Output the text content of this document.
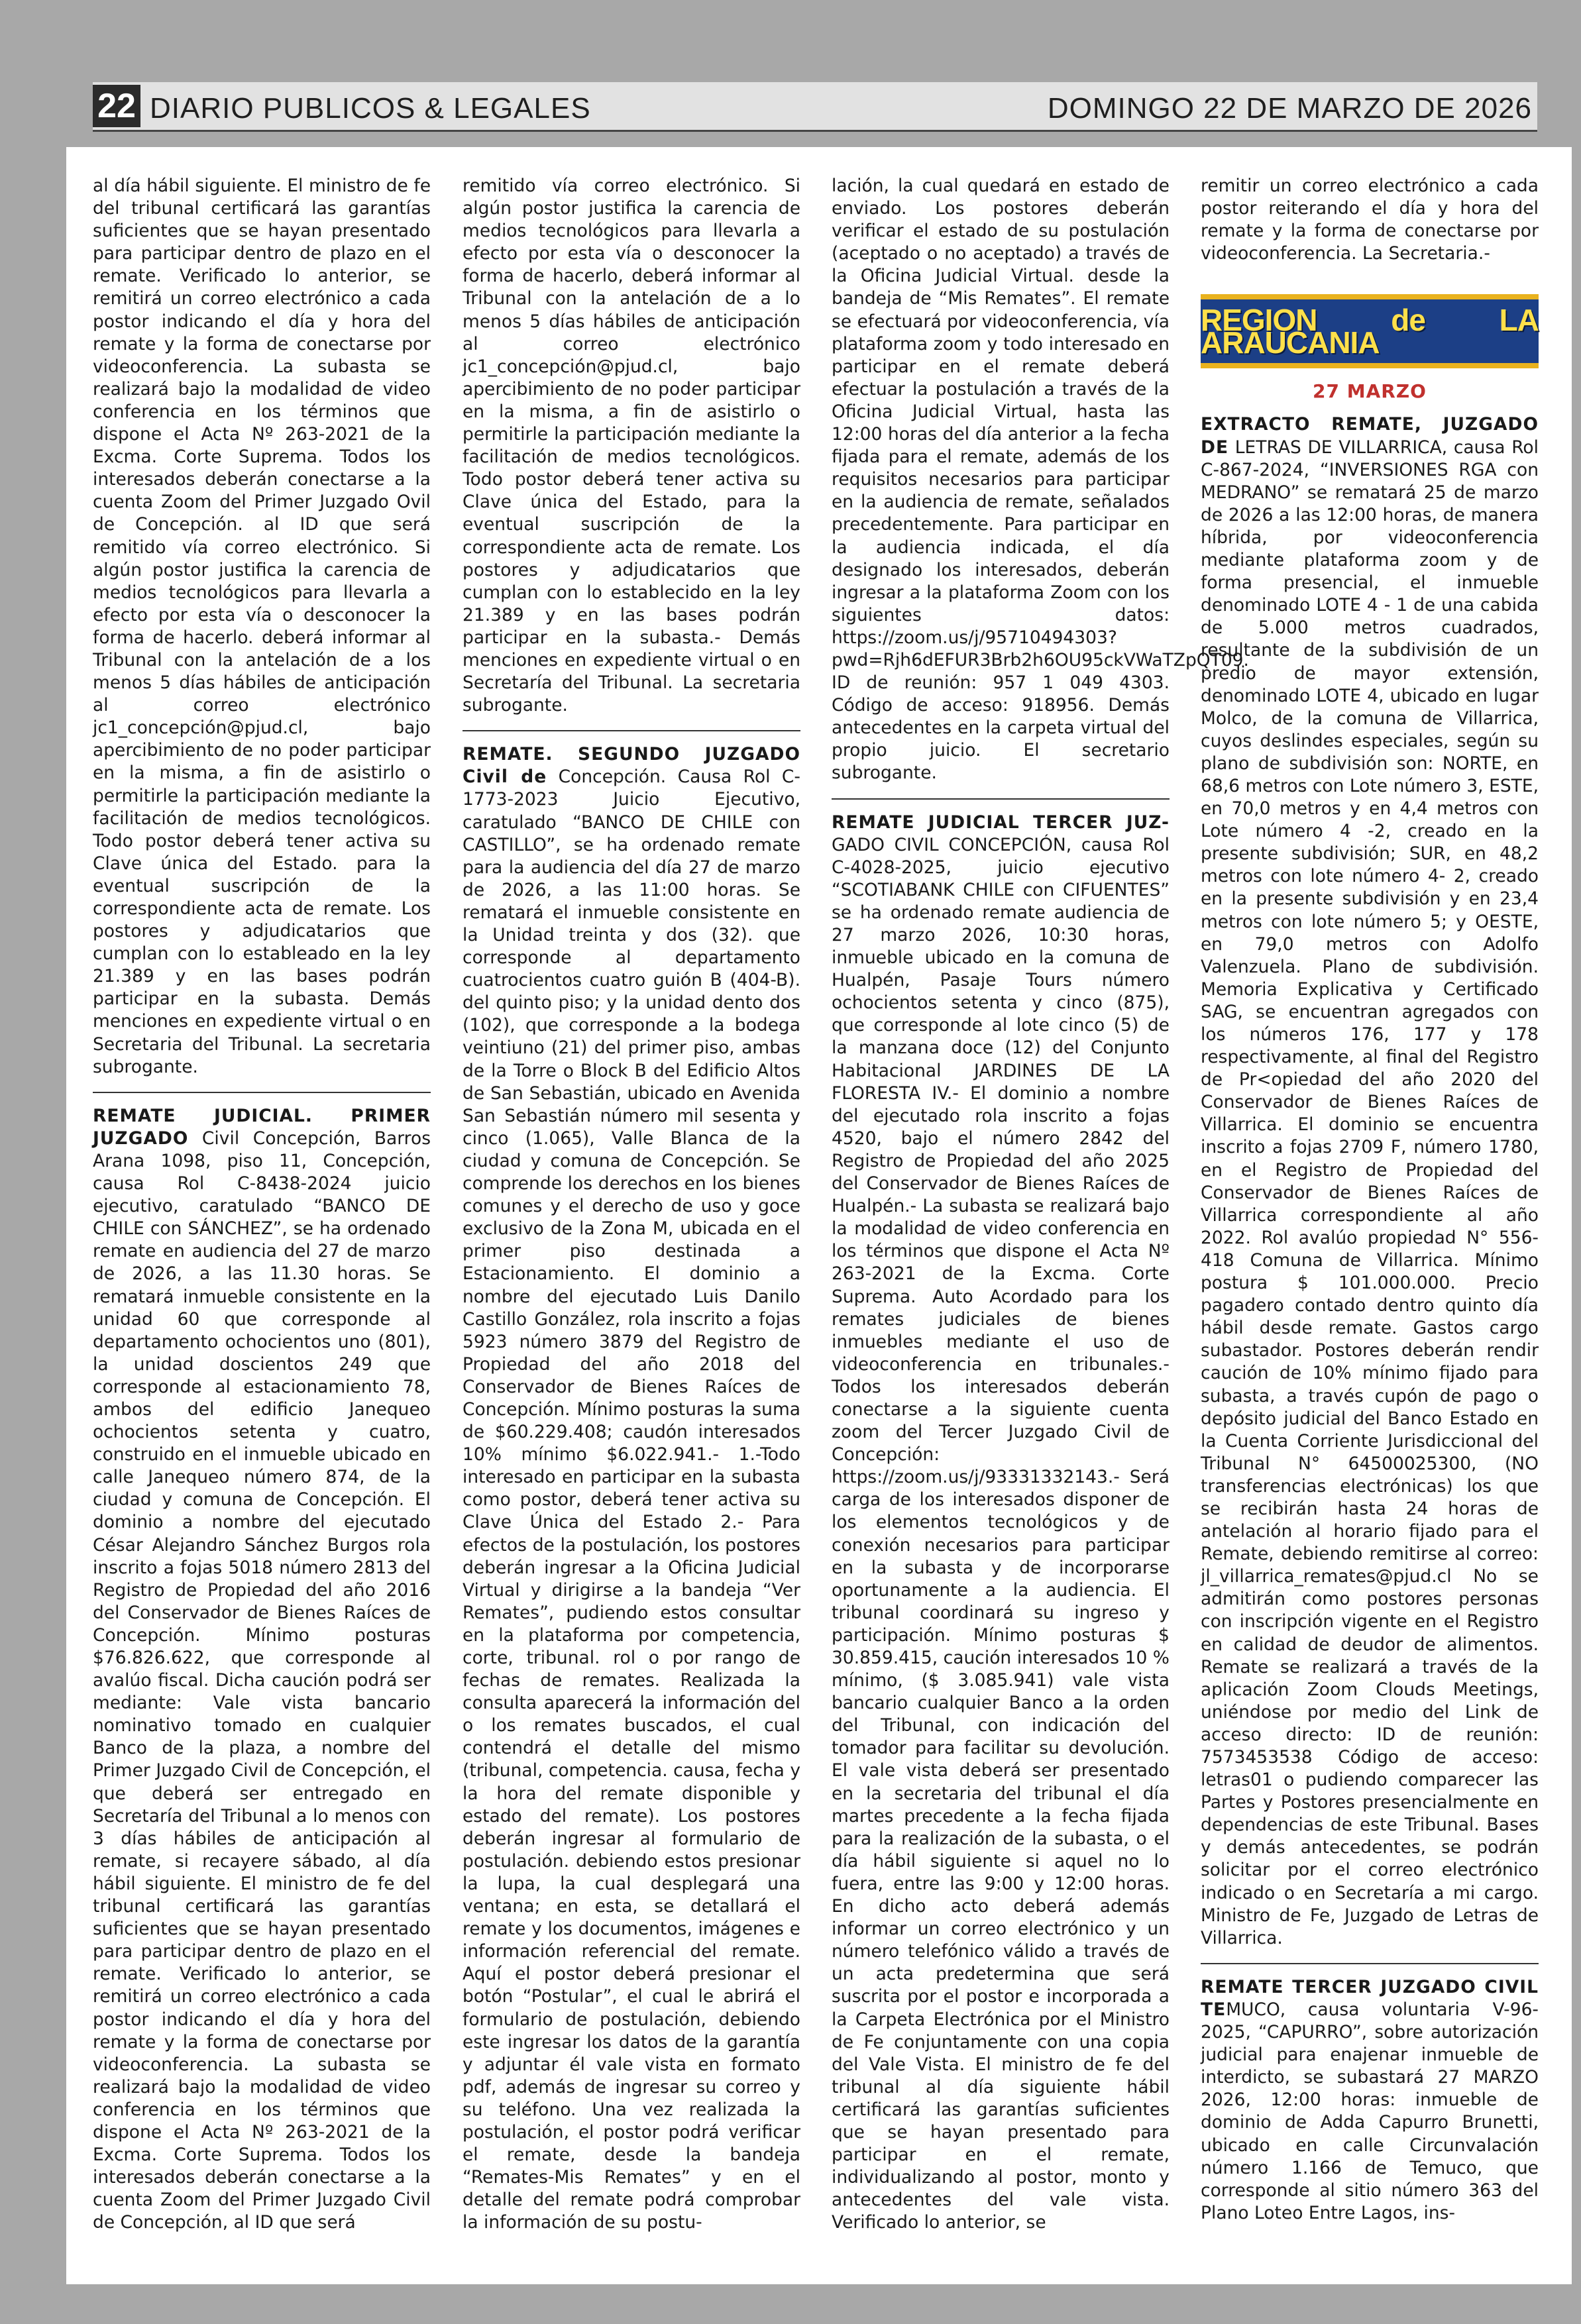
22 DIARIO PUBLICOS & LEGALES	DOMINGO 22 DE MARZO DE 2026

al día hábil siguiente. El ministro de fe del tribunal certificará las garantías suficientes que se hayan presentado para participar dentro de plazo en el remate. Verificado lo anterior, se remitirá un correo electrónico a cada postor indicando el día y hora del remate y la forma de conectarse por videoconferencia. La subasta se realizará bajo la modalidad de video conferencia en los términos que dispone el Acta Nº 263-2021 de la Excma. Corte Suprema. Todos los interesados deberán conectarse a la cuenta Zoom del Primer Juzgado Ovil de Concepción. al ID que será remitido vía correo electrónico. Si algún postor justifica la carencia de medios tecnológicos para llevarla a efecto por esta vía o desconocer la forma de hacerlo. deberá informar al Tribunal con la antelación de a los menos 5 días hábiles de anticipación al correo electrónico jc1_concepción@pjud.cl, bajo apercibimiento de no poder participar en la misma, a fin de asistirlo o permitirle la participación mediante la facilitación de medios tecnológicos. Todo postor deberá tener activa su Clave única del Estado. para la eventual suscripción de la correspondiente acta de remate. Los postores y adjudicatarios que cumplan con lo estableado en la ley 21.389 y en las bases podrán participar en la subasta. Demás menciones en expediente virtual o en Secretaria del Tribunal. La secretaria subrogante.

REMATE JUDICIAL. PRIMER JUZGADO Civil Concepción, Barros Arana 1098, piso 11, Concepción, causa Rol C-8438-2024 juicio ejecutivo, caratulado “BANCO DE CHILE con SÁNCHEZ”, se ha ordenado remate en audiencia del 27 de marzo de 2026, a las 11.30 horas. Se rematará inmueble consistente en la unidad 60 que corresponde al departamento ochocientos uno (801), la unidad doscientos 249 que corresponde al estacionamiento 78, ambos del edificio Janequeo ochocientos setenta y cuatro, construido en el inmueble ubicado en calle Janequeo número 874, de la ciudad y comuna de Concepción. El dominio a nombre del ejecutado César Alejandro Sánchez Burgos rola inscrito a fojas 5018 número 2813 del Registro de Propiedad del año 2016 del Conservador de Bienes Raíces de Concepción. Mínimo posturas $76.826.622, que corresponde al avalúo fiscal. Dicha caución podrá ser mediante: Vale vista bancario nominativo tomado en cualquier Banco de la plaza, a nombre del Primer Juzgado Civil de Concepción, el que deberá ser entregado en Secretaría del Tribunal a lo menos con 3 días hábiles de anticipación al remate, si recayere sábado, al día hábil siguiente. El ministro de fe del tribunal certificará las garantías suficientes que se hayan presentado para participar dentro de plazo en el remate. Verificado lo anterior, se remitirá un correo electrónico a cada postor indicando el día y hora del remate y la forma de conectarse por videoconferencia. La subasta se realizará bajo la modalidad de video conferencia en los términos que dispone el Acta Nº 263-2021 de la Excma. Corte Suprema. Todos los interesados deberán conectarse a la cuenta Zoom del Primer Juzgado Civil de Concepción, al ID que será

remitido vía correo electrónico. Si algún postor justifica la carencia de medios tecnológicos para llevarla a efecto por esta vía o desconocer la forma de hacerlo, deberá informar al Tribunal con la antelación de a lo menos 5 días hábiles de anticipación al correo electrónico jc1_concepción@pjud.cl, bajo apercibimiento de no poder participar en la misma, a fin de asistirlo o permitirle la participación mediante la facilitación de medios tecnológicos. Todo postor deberá tener activa su Clave única del Estado, para la eventual suscripción de la correspondiente acta de remate. Los postores y adjudicatarios que cumplan con lo establecido en la ley 21.389 y en las bases podrán participar en la subasta.- Demás menciones en expediente virtual o en Secretaría del Tribunal. La secretaria subrogante.

REMATE. SEGUNDO JUZGADO Civil de Concepción. Causa Rol C-1773-2023 Juicio Ejecutivo, caratulado “BANCO DE CHILE con CASTILLO”, se ha ordenado remate para la audiencia del día 27 de marzo de 2026, a las 11:00 horas. Se rematará el inmueble consistente en la Unidad treinta y dos (32). que corresponde al departamento cuatrocientos cuatro guión B (404-B). del quinto piso; y la unidad dento dos (102), que corresponde a la bodega veintiuno (21) del primer piso, ambas de la Torre o Block B del Edificio Altos de San Sebastián, ubicado en Avenida San Sebastián número mil sesenta y cinco (1.065), Valle Blanca de la ciudad y comuna de Concepción. Se comprende los derechos en los bienes comunes y el derecho de uso y goce exclusivo de la Zona M, ubicada en el primer piso destinada a Estacionamiento. El dominio a nombre del ejecutado Luis Danilo Castillo González, rola inscrito a fojas 5923 número 3879 del Registro de Propiedad del año 2018 del Conservador de Bienes Raíces de Concepción. Mínimo posturas la suma de $60.229.408; caudón interesados 10% mínimo $6.022.941.- 1.-Todo interesado en participar en la subasta como postor, deberá tener activa su Clave Única del Estado 2.- Para efectos de la postulación, los postores deberán ingresar a la Oficina Judicial Virtual y dirigirse a la bandeja “Ver Remates”, pudiendo estos consultar en la plataforma por competencia, corte, tribunal. rol o por rango de fechas de remates. Realizada la consulta aparecerá la información del o los remates buscados, el cual contendrá el detalle del mismo (tribunal, competencia. causa, fecha y la hora del remate disponible y estado del remate). Los postores deberán ingresar al formulario de postulación. debiendo estos presionar la lupa, la cual desplegará una ventana; en esta, se detallará el remate y los documentos, imágenes e información referencial del remate. Aquí el postor deberá presionar el botón “Postular”, el cual le abrirá el formulario de postulación, debiendo este ingresar los datos de la garantía y adjuntar él vale vista en formato pdf, además de ingresar su correo y su teléfono. Una vez realizada la postulación, el postor podrá verificar el remate, desde la bandeja “Remates-Mis Remates” y en el detalle del remate podrá comprobar la información de su postu-

lación, la cual quedará en estado de enviado. Los postores deberán verificar el estado de su postulación (aceptado o no aceptado) a través de la Oficina Judicial Virtual. desde la bandeja de “Mis Remates”. El remate se efectuará por videoconferencia, vía plataforma zoom y todo interesado en participar en el remate deberá efectuar la postulación a través de la Oficina Judicial Virtual, hasta las 12:00 horas del día anterior a la fecha fijada para el remate, además de los requisitos necesarios para participar en la audiencia de remate, señalados precedentemente. Para participar en la audiencia indicada, el día designado los interesados, deberán ingresar a la plataforma Zoom con los siguientes datos: https://zoom.us/j/95710494303?pwd=Rjh6dEFUR3Brb2h6OU95ckVWaTZpQT09. ID de reunión: 957 1 049 4303. Código de acceso: 918956. Demás antecedentes en la carpeta virtual del propio juicio. El secretario subrogante.

REMATE JUDICIAL TERCER JUZ-GADO CIVIL CONCEPCIÓN, causa Rol C-4028-2025, juicio ejecutivo “SCOTIABANK CHILE con CIFUENTES” se ha ordenado remate audiencia de 27 marzo 2026, 10:30 horas, inmueble ubicado en la comuna de Hualpén, Pasaje Tours número ochocientos setenta y cinco (875), que corresponde al lote cinco (5) de la manzana doce (12) del Conjunto Habitacional JARDINES DE LA FLORESTA IV.- El dominio a nombre del ejecutado rola inscrito a fojas 4520, bajo el número 2842 del Registro de Propiedad del año 2025 del Conservador de Bienes Raíces de Hualpén.- La subasta se realizará bajo la modalidad de video conferencia en los términos que dispone el Acta Nº 263-2021 de la Excma. Corte Suprema. Auto Acordado para los remates judiciales de bienes inmuebles mediante el uso de videoconferencia en tribunales.- Todos los interesados deberán conectarse a la siguiente cuenta zoom del Tercer Juzgado Civil de Concepción: https://zoom.us/j/93331332143.- Será carga de los interesados disponer de los elementos tecnológicos y de conexión necesarios para participar en la subasta y de incorporarse oportunamente a la audiencia. El tribunal coordinará su ingreso y participación. Mínimo posturas $ 30.859.415, caución interesados 10 % mínimo, ($ 3.085.941) vale vista bancario cualquier Banco a la orden del Tribunal, con indicación del tomador para facilitar su devolución. El vale vista deberá ser presentado en la secretaria del tribunal el día martes precedente a la fecha fijada para la realización de la subasta, o el día hábil siguiente si aquel no lo fuera, entre las 9:00 y 12:00 horas. En dicho acto deberá además informar un correo electrónico y un número telefónico válido a través de un acta predetermina que será suscrita por el postor e incorporada a la Carpeta Electrónica por el Ministro de Fe conjuntamente con una copia del Vale Vista. El ministro de fe del tribunal al día siguiente hábil certificará las garantías suficientes que se hayan presentado para participar en el remate, individualizando al postor, monto y antecedentes del vale vista. Verificado lo anterior, se

remitir un correo electrónico a cada postor reiterando el día y hora del remate y la forma de conectarse por videoconferencia. La Secretaria.-

REGION de LA ARAUCANIA
27 MARZO

EXTRACTO REMATE, JUZGADO DE LETRAS DE VILLARRICA, causa Rol C-867-2024, “INVERSIONES RGA con MEDRANO” se rematará 25 de marzo de 2026 a las 12:00 horas, de manera híbrida, por videoconferencia mediante plataforma zoom y de forma presencial, el inmueble denominado LOTE 4 - 1 de una cabida de 5.000 metros cuadrados, resultante de la subdivisión de un predio de mayor extensión, denominado LOTE 4, ubicado en lugar Molco, de la comuna de Villarrica, cuyos deslindes especiales, según su plano de subdivisión son: NORTE, en 68,6 metros con Lote número 3, ESTE, en 70,0 metros y en 4,4 metros con Lote número 4 -2, creado en la presente subdivisión; SUR, en 48,2 metros con lote número 4- 2, creado en la presente subdivisión y en 23,4 metros con lote número 5; y OESTE, en 79,0 metros con Adolfo Valenzuela. Plano de subdivisión. Memoria Explicativa y Certificado SAG, se encuentran agregados con los números 176, 177 y 178 respectivamente, al final del Registro de Pr<opiedad del año 2020 del Conservador de Bienes Raíces de Villarrica. El dominio se encuentra inscrito a fojas 2709 F, número 1780, en el Registro de Propiedad del Conservador de Bienes Raíces de Villarrica correspondiente al año 2022. Rol avalúo propiedad N° 556-418 Comuna de Villarrica. Mínimo postura $ 101.000.000. Precio pagadero contado dentro quinto día hábil desde remate. Gastos cargo subastador. Postores deberán rendir caución de 10% mínimo fijado para subasta, a través cupón de pago o depósito judicial del Banco Estado en la Cuenta Corriente Jurisdiccional del Tribunal N° 64500025300, (NO transferencias electrónicas) los que se recibirán hasta 24 horas de antelación al horario fijado para el Remate, debiendo remitirse al correo: jl_villarrica_remates@pjud.cl No se admitirán como postores personas con inscripción vigente en el Registro en calidad de deudor de alimentos. Remate se realizará a través de la aplicación Zoom Clouds Meetings, uniéndose por medio del Link de acceso directo: ID de reunión: 7573453538 Código de acceso: letras01 o pudiendo comparecer las Partes y Postores presencialmente en dependencias de este Tribunal. Bases y demás antecedentes, se podrán solicitar por el correo electrónico indicado o en Secretaría a mi cargo. Ministro de Fe, Juzgado de Letras de Villarrica.

REMATE TERCER JUZGADO CIVIL TEMUCO, causa voluntaria V-96-2025, “CAPURRO”, sobre autorización judicial para enajenar inmueble de interdicto, se subastará 27 MARZO 2026, 12:00 horas: inmueble de dominio de Adda Capurro Brunetti, ubicado en calle Circunvalación número 1.166 de Temuco, que corresponde al sitio número 363 del Plano Loteo Entre Lagos, ins-
